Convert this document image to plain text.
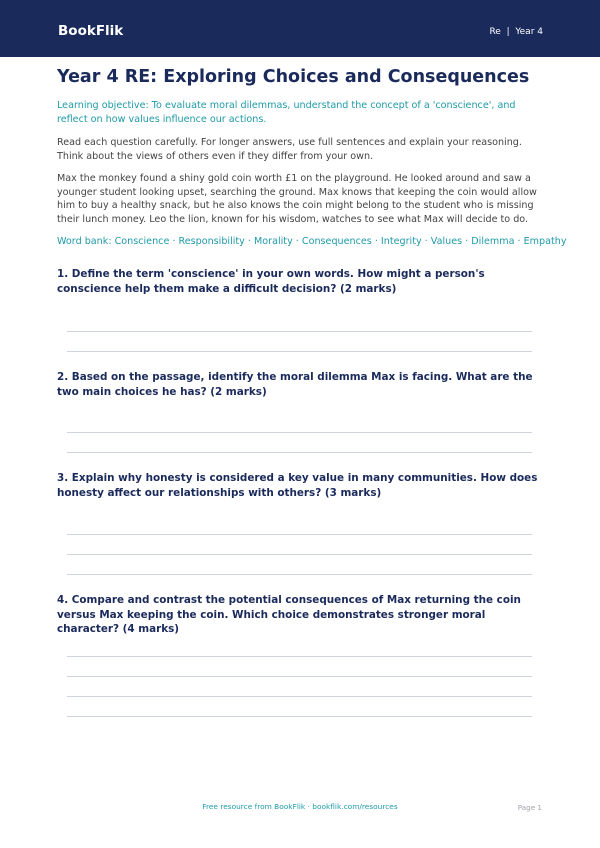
BookFlik	Re | Year 4
Year 4 RE: Exploring Choices and Consequences
Learning objective: To evaluate moral dilemmas, understand the concept of a 'conscience', and reflect on how values influence our actions.
Read each question carefully. For longer answers, use full sentences and explain your reasoning. Think about the views of others even if they differ from your own.
Max the monkey found a shiny gold coin worth £1 on the playground. He looked around and saw a younger student looking upset, searching the ground. Max knows that keeping the coin would allow him to buy a healthy snack, but he also knows the coin might belong to the student who is missing their lunch money. Leo the lion, known for his wisdom, watches to see what Max will decide to do.
Word bank: Conscience · Responsibility · Morality · Consequences · Integrity · Values · Dilemma · Empathy
1. Define the term 'conscience' in your own words. How might a person's conscience help them make a difficult decision? (2 marks)
2. Based on the passage, identify the moral dilemma Max is facing. What are the two main choices he has? (2 marks)
3. Explain why honesty is considered a key value in many communities. How does honesty affect our relationships with others? (3 marks)
4. Compare and contrast the potential consequences of Max returning the coin versus Max keeping the coin. Which choice demonstrates stronger moral character? (4 marks)
Free resource from BookFlik · bookflik.com/resources	Page 1
